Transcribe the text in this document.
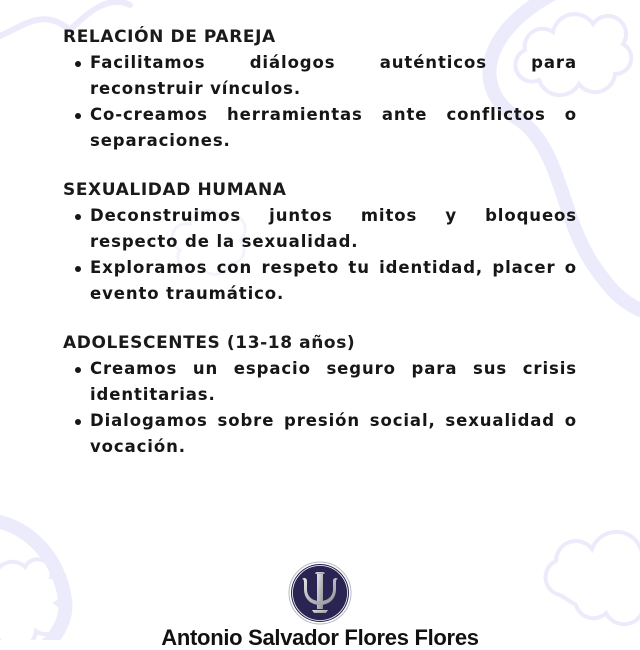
RELACIÓN DE PAREJA
Facilitamos diálogos auténticos para reconstruir vínculos.
Co-creamos herramientas ante conflictos o separaciones.
SEXUALIDAD HUMANA
Deconstruimos juntos mitos y bloqueos respecto de la sexualidad.
Exploramos con respeto tu identidad, placer o evento traumático.
ADOLESCENTES (13-18 años)
Creamos un espacio seguro para sus crisis identitarias.
Dialogamos sobre presión social, sexualidad o vocación.
Antonio Salvador Flores Flores
